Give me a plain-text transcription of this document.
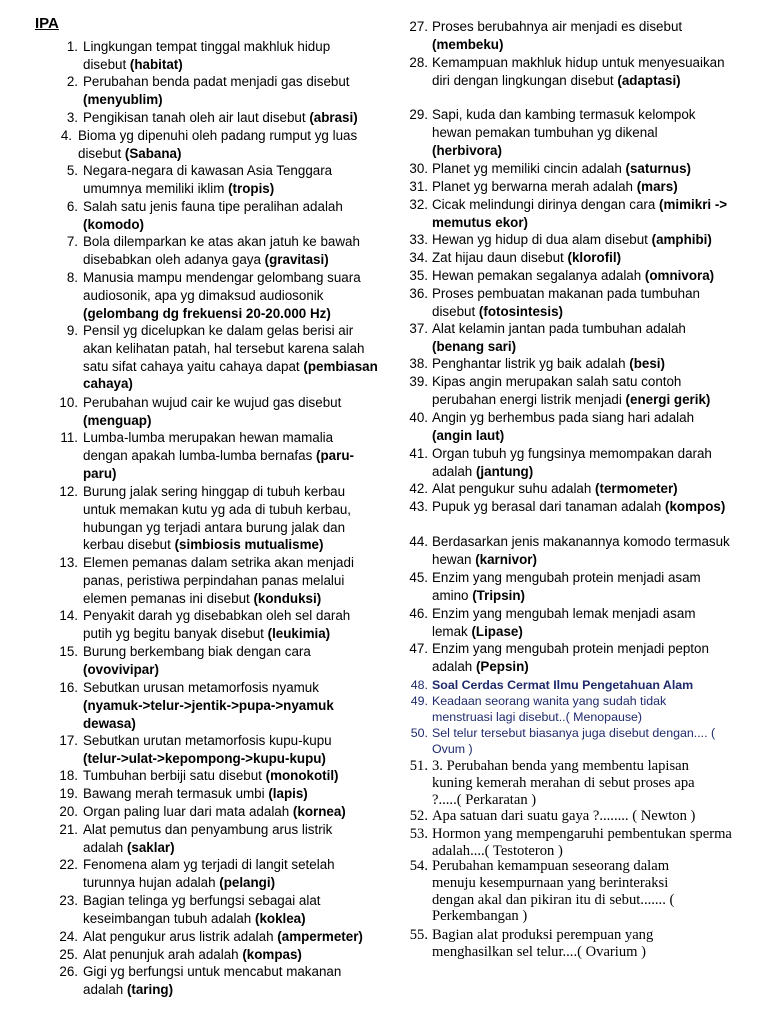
IPA
1. Lingkungan tempat tinggal makhluk hidup disebut (habitat)
2. Perubahan benda padat menjadi gas disebut (menyublim)
3. Pengikisan tanah oleh air laut disebut (abrasi)
4. Bioma yg dipenuhi oleh padang rumput yg luas disebut (Sabana)
5. Negara-negara di kawasan Asia Tenggara umumnya memiliki iklim (tropis)
6. Salah satu jenis fauna tipe peralihan adalah (komodo)
7. Bola dilemparkan ke atas akan jatuh ke bawah disebabkan oleh adanya gaya (gravitasi)
8. Manusia mampu mendengar gelombang suara audiosonik, apa yg dimaksud audiosonik (gelombang dg frekuensi 20-20.000 Hz)
9. Pensil yg dicelupkan ke dalam gelas berisi air akan kelihatan patah, hal tersebut karena salah satu sifat cahaya yaitu cahaya dapat (pembiasan cahaya)
10. Perubahan wujud cair ke wujud gas disebut (menguap)
11. Lumba-lumba merupakan hewan mamalia dengan apakah lumba-lumba bernafas (paru-paru)
12. Burung jalak sering hinggap di tubuh kerbau untuk memakan kutu yg ada di tubuh kerbau, hubungan yg terjadi antara burung jalak dan kerbau disebut (simbiosis mutualisme)
13. Elemen pemanas dalam setrika akan menjadi panas, peristiwa perpindahan panas melalui elemen pemanas ini disebut (konduksi)
14. Penyakit darah yg disebabkan oleh sel darah putih yg begitu banyak disebut (leukimia)
15. Burung berkembang biak dengan cara (ovovivipar)
16. Sebutkan urusan metamorfosis nyamuk (nyamuk->telur->jentik->pupa->nyamuk dewasa)
17. Sebutkan urutan metamorfosis kupu-kupu (telur->ulat->kepompong->kupu-kupu)
18. Tumbuhan berbiji satu disebut (monokotil)
19. Bawang merah termasuk umbi (lapis)
20. Organ paling luar dari mata adalah (kornea)
21. Alat pemutus dan penyambung arus listrik adalah (saklar)
22. Fenomena alam yg terjadi di langit setelah turunnya hujan adalah (pelangi)
23. Bagian telinga yg berfungsi sebagai alat keseimbangan tubuh adalah (koklea)
24. Alat pengukur arus listrik adalah (ampermeter)
25. Alat penunjuk arah adalah (kompas)
26. Gigi yg berfungsi untuk mencabut makanan adalah (taring)
27. Proses berubahnya air menjadi es disebut (membeku)
28. Kemampuan makhluk hidup untuk menyesuaikan diri dengan lingkungan disebut (adaptasi)
29. Sapi, kuda dan kambing termasuk kelompok hewan pemakan tumbuhan yg dikenal (herbivora)
30. Planet yg memiliki cincin adalah (saturnus)
31. Planet yg berwarna merah adalah (mars)
32. Cicak melindungi dirinya dengan cara (mimikri -> memutus ekor)
33. Hewan yg hidup di dua alam disebut (amphibi)
34. Zat hijau daun disebut (klorofil)
35. Hewan pemakan segalanya adalah (omnivora)
36. Proses pembuatan makanan pada tumbuhan disebut (fotosintesis)
37. Alat kelamin jantan pada tumbuhan adalah (benang sari)
38. Penghantar listrik yg baik adalah (besi)
39. Kipas angin merupakan salah satu contoh perubahan energi listrik menjadi (energi gerik)
40. Angin yg berhembus pada siang hari adalah (angin laut)
41. Organ tubuh yg fungsinya memompakan darah adalah (jantung)
42. Alat pengukur suhu adalah (termometer)
43. Pupuk yg berasal dari tanaman adalah (kompos)
44. Berdasarkan jenis makanannya komodo termasuk hewan (karnivor)
45. Enzim yang mengubah protein menjadi asam amino (Tripsin)
46. Enzim yang mengubah lemak menjadi asam lemak (Lipase)
47. Enzim yang mengubah protein menjadi pepton adalah (Pepsin)
48. Soal Cerdas Cermat Ilmu Pengetahuan Alam
49. Keadaan seorang wanita yang sudah tidak menstruasi lagi disebut..( Menopause)
50. Sel telur tersebut biasanya juga disebut dengan.... ( Ovum )
51. 3. Perubahan benda yang membentu lapisan kuning kemerah merahan di sebut proses apa ?.....( Perkaratan )
52. Apa satuan dari suatu gaya ?........ ( Newton )
53. Hormon yang mempengaruhi pembentukan sperma adalah....( Testoteron )
54. Perubahan kemampuan seseorang dalam menuju kesempurnaan yang berinteraksi dengan akal dan pikiran itu di sebut....... ( Perkembangan )
55. Bagian alat produksi perempuan yang menghasilkan sel telur....( Ovarium )
